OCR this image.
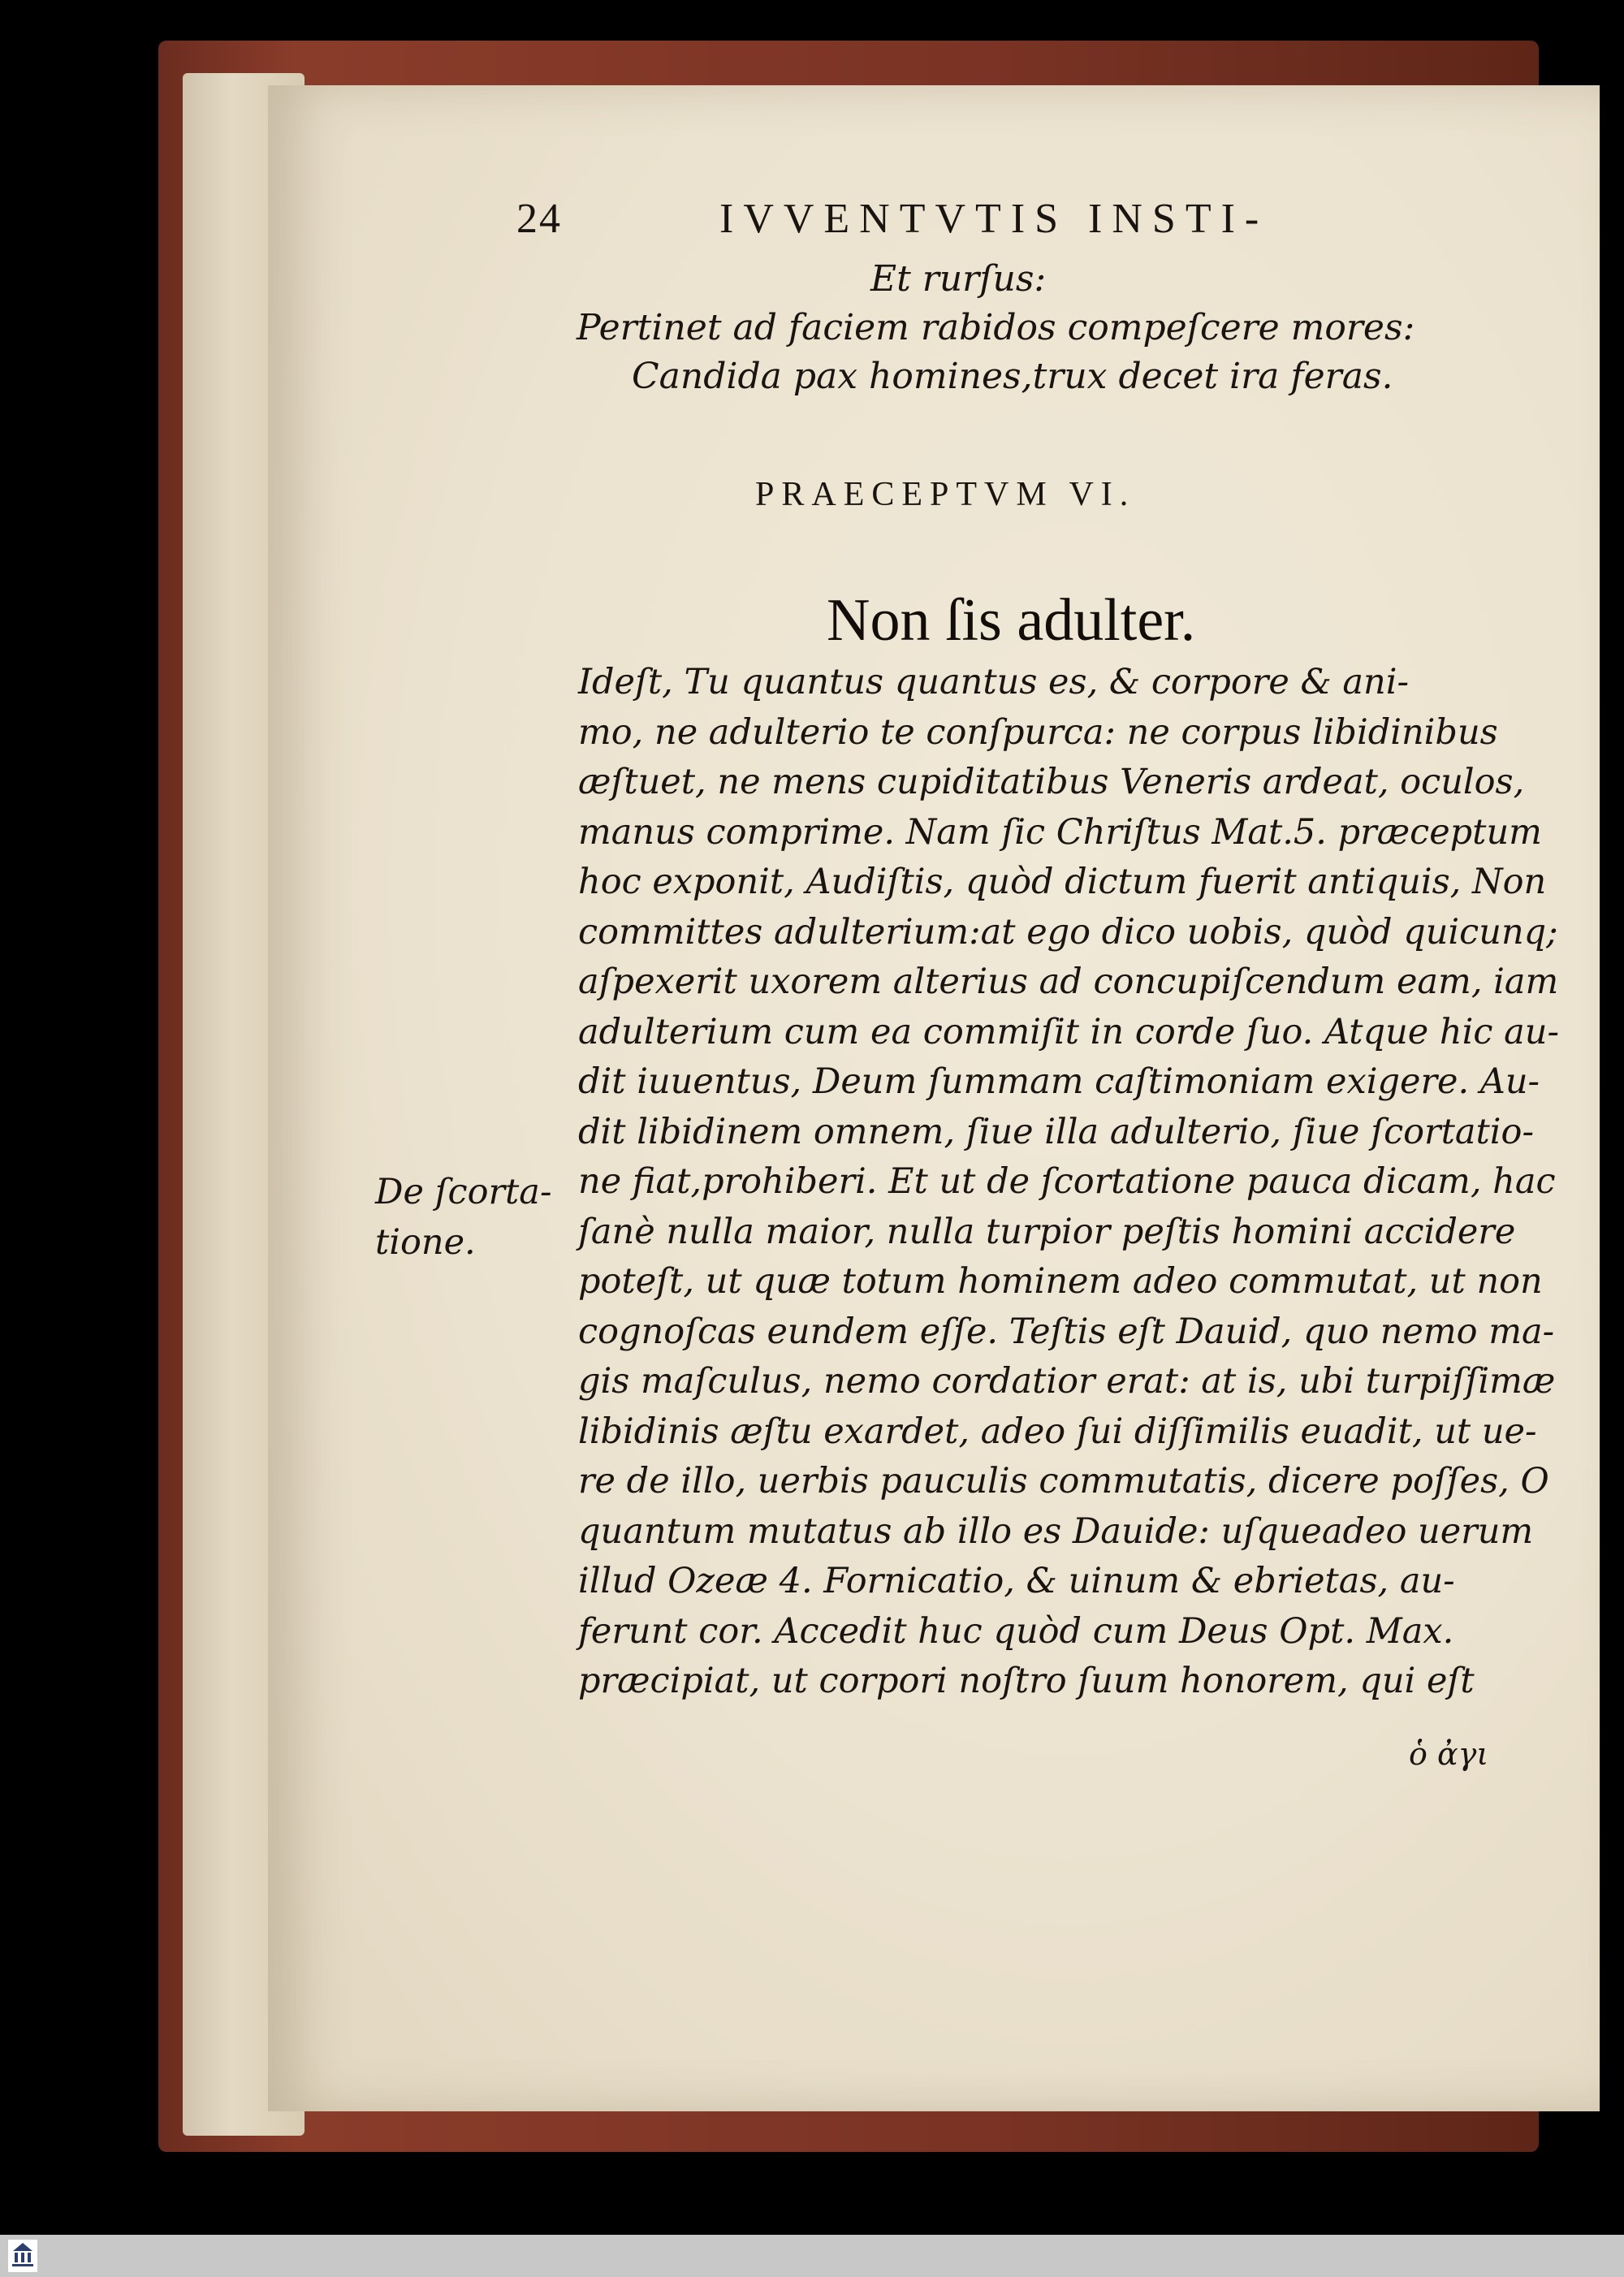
24	IVVENTVTIS INSTI-
Et rurſus:
Pertinet ad faciem rabidos compeſcere mores:
Candida pax homines,trux decet ira feras.
PRAECEPTVM VI.
Non ſis adulter.
Ideſt, Tu quantus quantus es, & corpore & ani-
mo, ne adulterio te conſpurca: ne corpus libidinibus
æſtuet, ne mens cupiditatibus Veneris ardeat, oculos,
manus comprime. Nam ſic Chriſtus Mat.5. præceptum
hoc exponit, Audiſtis, quòd dictum fuerit antiquis, Non
committes adulterium:at ego dico uobis, quòd quicunq;
aſpexerit uxorem alterius ad concupiſcendum eam, iam
adulterium cum ea commiſit in corde ſuo. Atque hic au-
dit iuuentus, Deum ſummam caſtimoniam exigere. Au-
dit libidinem omnem, ſiue illa adulterio, ſiue ſcortatio-
ne fiat,prohiberi. Et ut de ſcortatione pauca dicam, hac
ſanè nulla maior, nulla turpior peſtis homini accidere
poteſt, ut quæ totum hominem adeo commutat, ut non
cognoſcas eundem eſſe. Teſtis eſt Dauid, quo nemo ma-
gis maſculus, nemo cordatior erat: at is, ubi turpiſſimæ
libidinis æſtu exardet, adeo ſui diſſimilis euadit, ut ue-
re de illo, uerbis pauculis commutatis, dicere poſſes, O
quantum mutatus ab illo es Dauide: uſqueadeo uerum
illud Ozeæ 4. Fornicatio, & uinum & ebrietas, au-
ferunt cor. Accedit huc quòd cum Deus Opt. Max.
præcipiat, ut corpori noſtro ſuum honorem, qui eſt
De ſcorta-
tione.
ὁ ἀγι
